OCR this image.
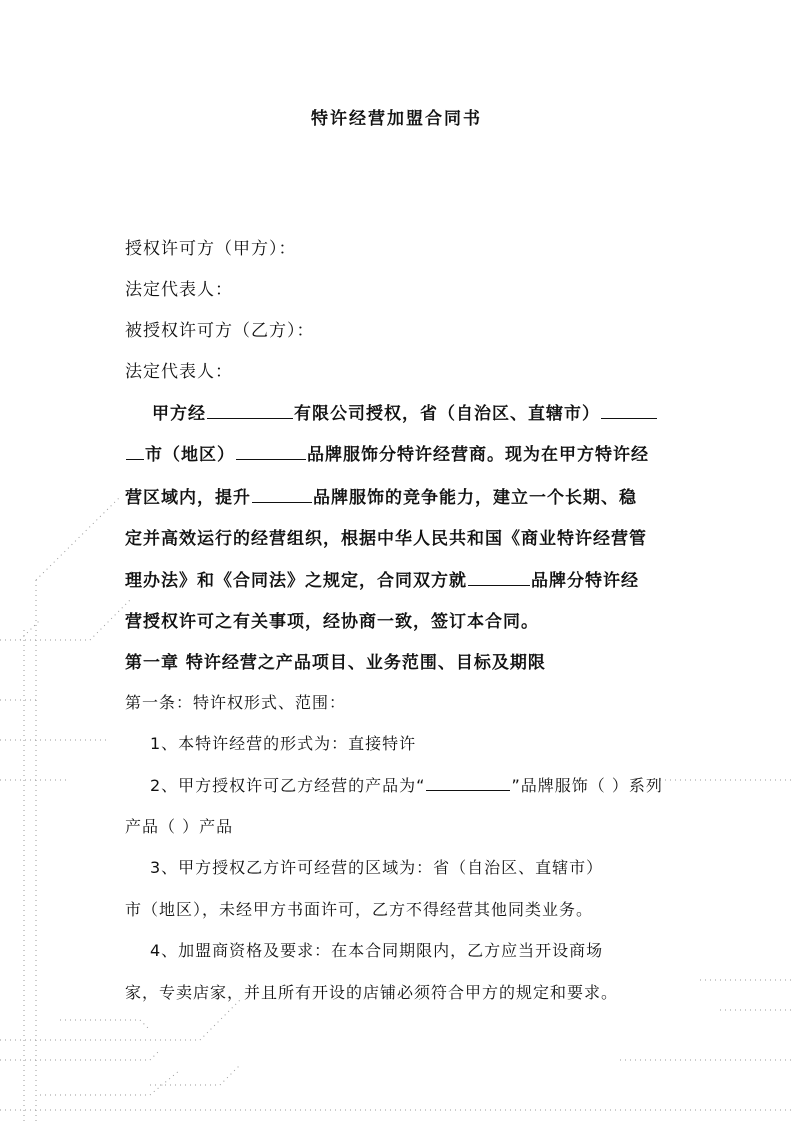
特许经营加盟合同书
授权许可方（甲方）：
法定代表人：
被授权许可方（乙方）：
法定代表人：
甲方经	有限公司授权，省（自治区、直辖市）
市（地区）	品牌服饰分特许经营商。现为在甲方特许经
营区域内，提升	品牌服饰的竞争能力，建立一个长期、稳
定并高效运行的经营组织，根据中华人民共和国《商业特许经营管
理办法》和《合同法》之规定，合同双方就	品牌分特许经
营授权许可之有关事项，经协商一致，签订本合同。
第一章 特许经营之产品项目、业务范围、目标及期限
第一条：特许权形式、范围：
1、本特许经营的形式为：直接特许
2、甲方授权许可乙方经营的产品为“	”品牌服饰（ ）系列
产品（ ）产品
3、甲方授权乙方许可经营的区域为：省（自治区、直辖市）
市（地区），未经甲方书面许可，乙方不得经营其他同类业务。
4、加盟商资格及要求：在本合同期限内，乙方应当开设商场
家，专卖店家，并且所有开设的店铺必须符合甲方的规定和要求。
